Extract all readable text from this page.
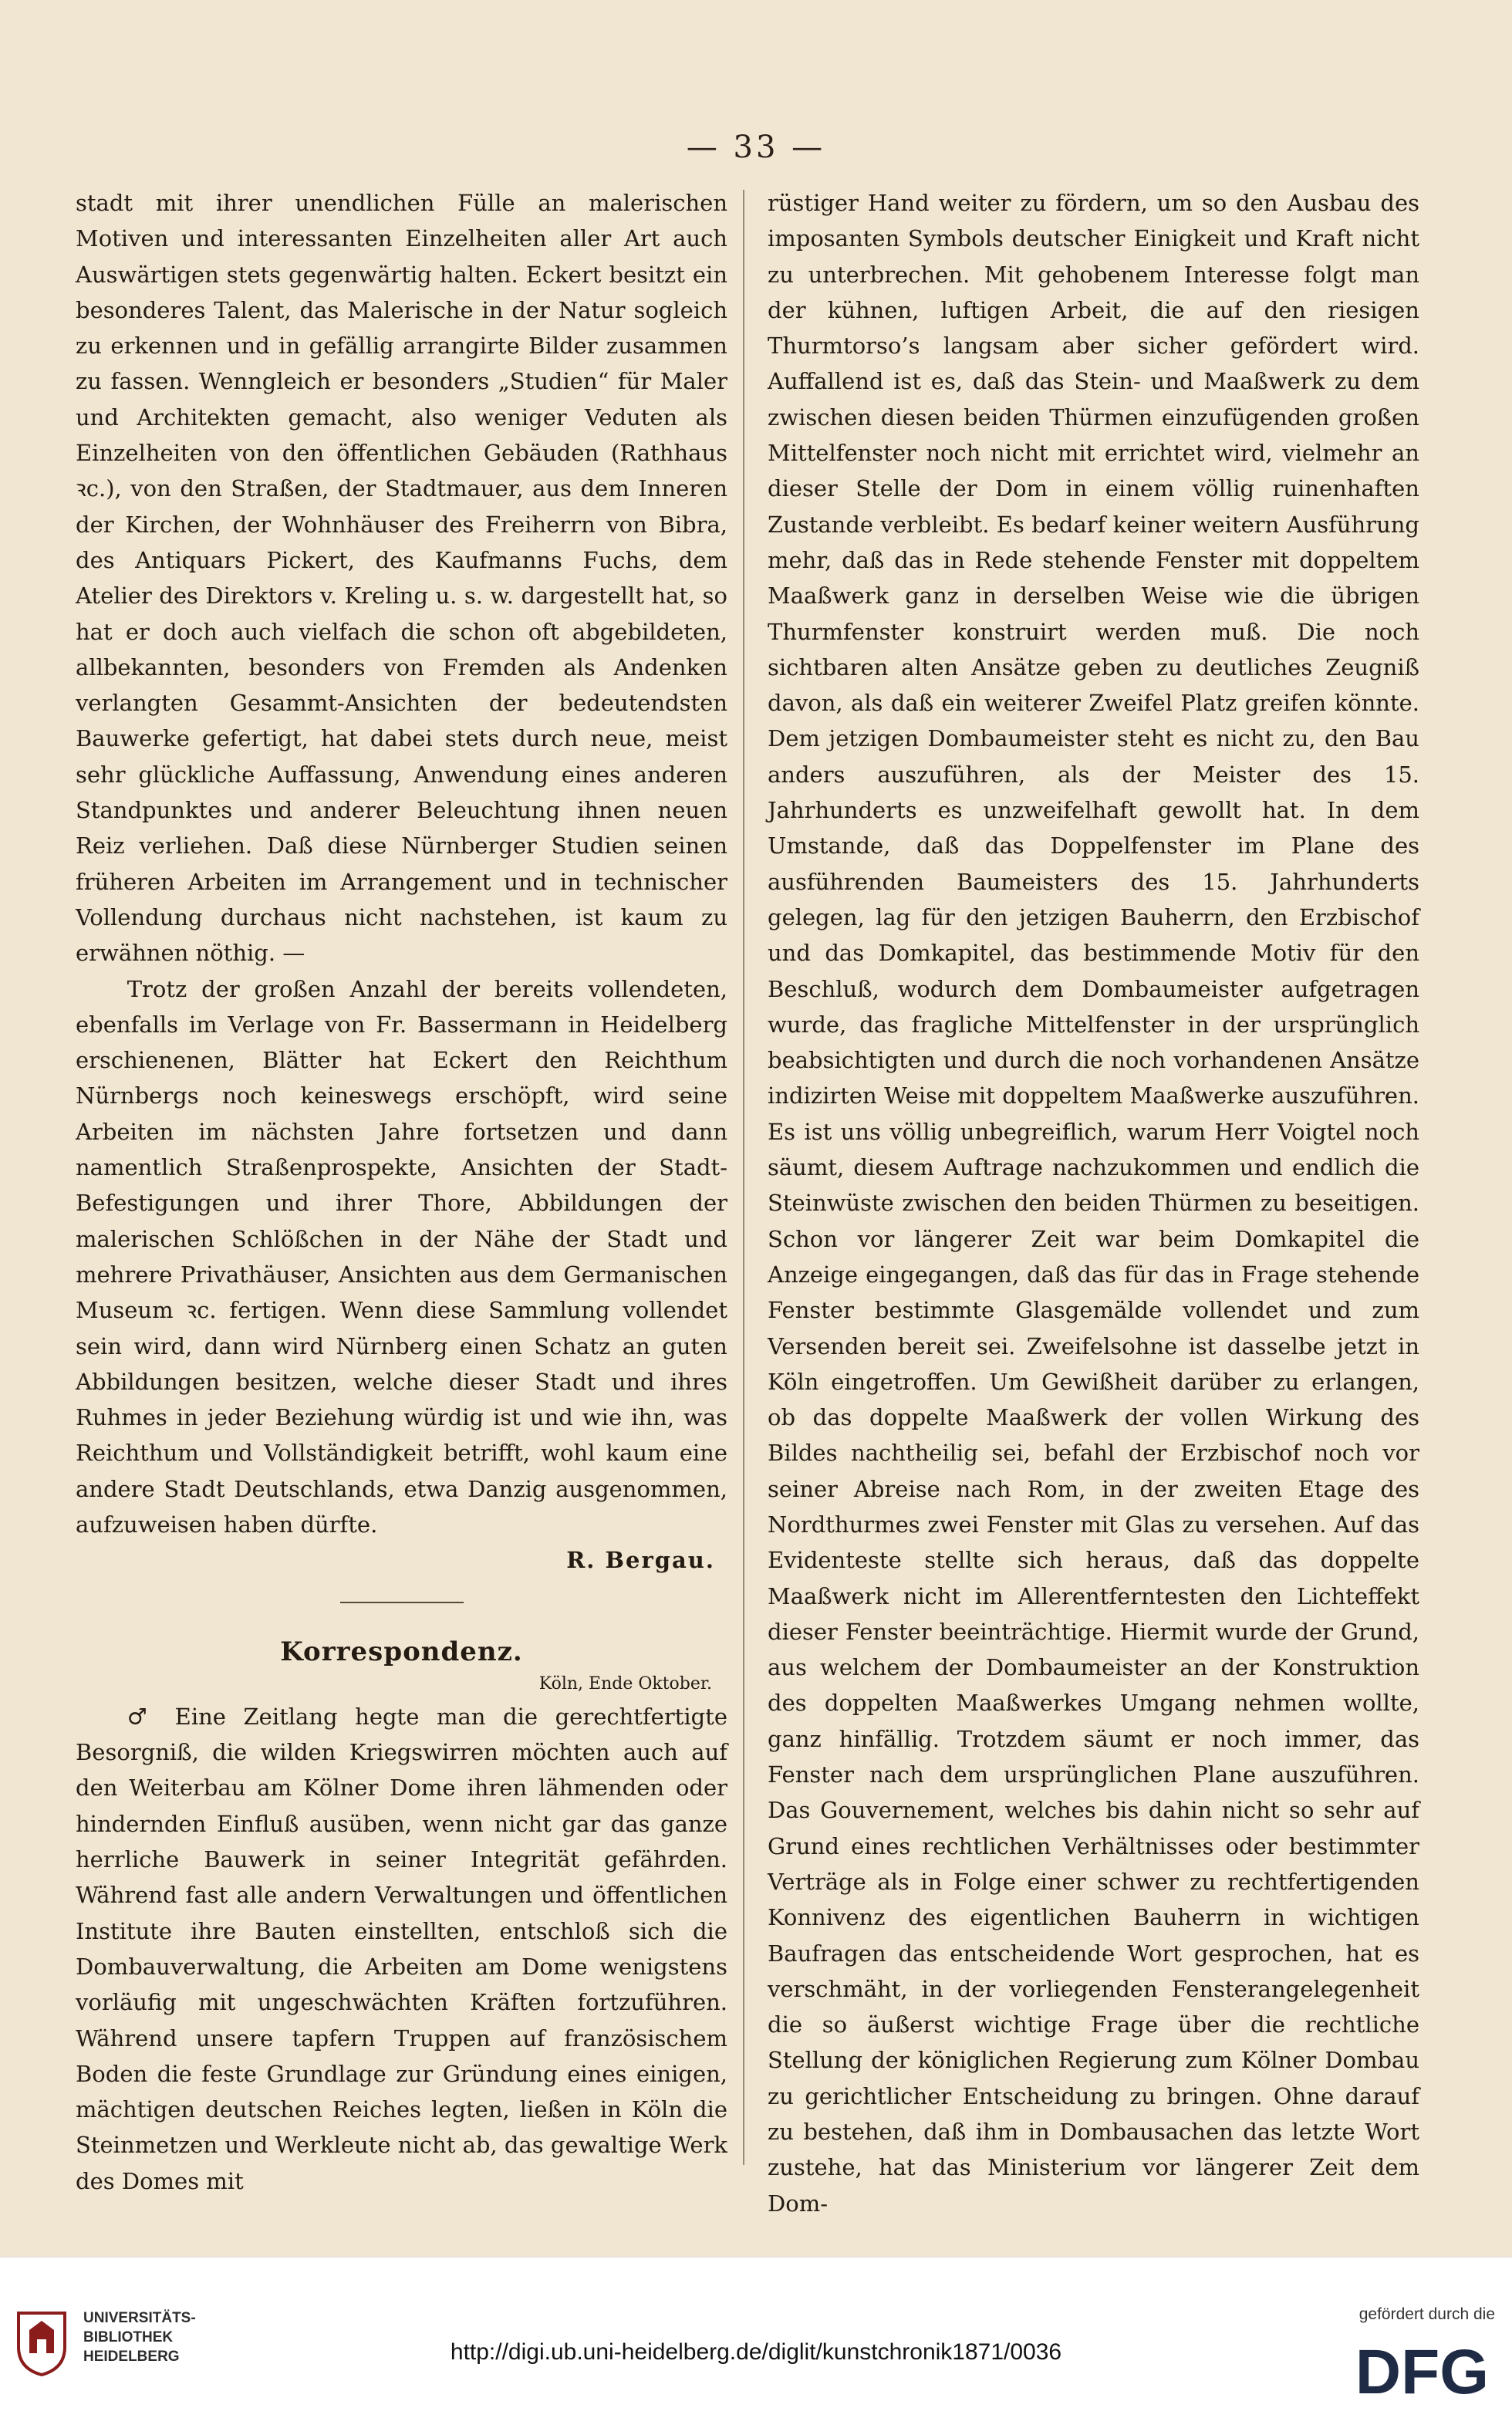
— 33 —

stadt mit ihrer unendlichen Fülle an malerischen Motiven und interessanten Einzelheiten aller Art auch Auswärtigen stets gegenwärtig halten. Eckert besitzt ein besonderes Talent, das Malerische in der Natur sogleich zu erkennen und in gefällig arrangirte Bilder zusammen zu fassen. Wenngleich er besonders „Studien“ für Maler und Architekten gemacht, also weniger Veduten als Einzelheiten von den öffentlichen Gebäuden (Rathhaus ꝛc.), von den Straßen, der Stadtmauer, aus dem Inneren der Kirchen, der Wohnhäuser des Freiherrn von Bibra, des Antiquars Pickert, des Kaufmanns Fuchs, dem Atelier des Direktors v. Kreling u. s. w. dargestellt hat, so hat er doch auch vielfach die schon oft abgebildeten, allbekannten, besonders von Fremden als Andenken verlangten Gesammt-Ansichten der bedeutendsten Bauwerke gefertigt, hat dabei stets durch neue, meist sehr glückliche Auffassung, Anwendung eines anderen Standpunktes und anderer Beleuchtung ihnen neuen Reiz verliehen. Daß diese Nürnberger Studien seinen früheren Arbeiten im Arrangement und in technischer Vollendung durchaus nicht nachstehen, ist kaum zu erwähnen nöthig. —

Trotz der großen Anzahl der bereits vollendeten, ebenfalls im Verlage von Fr. Bassermann in Heidelberg erschienenen, Blätter hat Eckert den Reichthum Nürnbergs noch keineswegs erschöpft, wird seine Arbeiten im nächsten Jahre fortsetzen und dann namentlich Straßenprospekte, Ansichten der Stadt-Befestigungen und ihrer Thore, Abbildungen der malerischen Schlößchen in der Nähe der Stadt und mehrere Privathäuser, Ansichten aus dem Germanischen Museum ꝛc. fertigen. Wenn diese Sammlung vollendet sein wird, dann wird Nürnberg einen Schatz an guten Abbildungen besitzen, welche dieser Stadt und ihres Ruhmes in jeder Beziehung würdig ist und wie ihn, was Reichthum und Vollständigkeit betrifft, wohl kaum eine andere Stadt Deutschlands, etwa Danzig ausgenommen, aufzuweisen haben dürfte.

R. Bergau.

Korrespondenz.

Köln, Ende Oktober.

♂ Eine Zeitlang hegte man die gerechtfertigte Besorgniß, die wilden Kriegswirren möchten auch auf den Weiterbau am Kölner Dome ihren lähmenden oder hindernden Einfluß ausüben, wenn nicht gar das ganze herrliche Bauwerk in seiner Integrität gefährden. Während fast alle andern Verwaltungen und öffentlichen Institute ihre Bauten einstellten, entschloß sich die Dombauverwaltung, die Arbeiten am Dome wenigstens vorläufig mit ungeschwächten Kräften fortzuführen. Während unsere tapfern Truppen auf französischem Boden die feste Grundlage zur Gründung eines einigen, mächtigen deutschen Reiches legten, ließen in Köln die Steinmetzen und Werkleute nicht ab, das gewaltige Werk des Domes mit

rüstiger Hand weiter zu fördern, um so den Ausbau des imposanten Symbols deutscher Einigkeit und Kraft nicht zu unterbrechen. Mit gehobenem Interesse folgt man der kühnen, luftigen Arbeit, die auf den riesigen Thurmtorso’s langsam aber sicher gefördert wird. Auffallend ist es, daß das Stein- und Maaßwerk zu dem zwischen diesen beiden Thürmen einzufügenden großen Mittelfenster noch nicht mit errichtet wird, vielmehr an dieser Stelle der Dom in einem völlig ruinenhaften Zustande verbleibt. Es bedarf keiner weitern Ausführung mehr, daß das in Rede stehende Fenster mit doppeltem Maaßwerk ganz in derselben Weise wie die übrigen Thurmfenster konstruirt werden muß. Die noch sichtbaren alten Ansätze geben zu deutliches Zeugniß davon, als daß ein weiterer Zweifel Platz greifen könnte. Dem jetzigen Dombaumeister steht es nicht zu, den Bau anders auszuführen, als der Meister des 15. Jahrhunderts es unzweifelhaft gewollt hat. In dem Umstande, daß das Doppelfenster im Plane des ausführenden Baumeisters des 15. Jahrhunderts gelegen, lag für den jetzigen Bauherrn, den Erzbischof und das Domkapitel, das bestimmende Motiv für den Beschluß, wodurch dem Dombaumeister aufgetragen wurde, das fragliche Mittelfenster in der ursprünglich beabsichtigten und durch die noch vorhandenen Ansätze indizirten Weise mit doppeltem Maaßwerke auszuführen. Es ist uns völlig unbegreiflich, warum Herr Voigtel noch säumt, diesem Auftrage nachzukommen und endlich die Steinwüste zwischen den beiden Thürmen zu beseitigen. Schon vor längerer Zeit war beim Domkapitel die Anzeige eingegangen, daß das für das in Frage stehende Fenster bestimmte Glasgemälde vollendet und zum Versenden bereit sei. Zweifelsohne ist dasselbe jetzt in Köln eingetroffen. Um Gewißheit darüber zu erlangen, ob das doppelte Maaßwerk der vollen Wirkung des Bildes nachtheilig sei, befahl der Erzbischof noch vor seiner Abreise nach Rom, in der zweiten Etage des Nordthurmes zwei Fenster mit Glas zu versehen. Auf das Evidenteste stellte sich heraus, daß das doppelte Maaßwerk nicht im Allerentferntesten den Lichteffekt dieser Fenster beeinträchtige. Hiermit wurde der Grund, aus welchem der Dombaumeister an der Konstruktion des doppelten Maaßwerkes Umgang nehmen wollte, ganz hinfällig. Trotzdem säumt er noch immer, das Fenster nach dem ursprünglichen Plane auszuführen. Das Gouvernement, welches bis dahin nicht so sehr auf Grund eines rechtlichen Verhältnisses oder bestimmter Verträge als in Folge einer schwer zu rechtfertigenden Konnivenz des eigentlichen Bauherrn in wichtigen Baufragen das entscheidende Wort gesprochen, hat es verschmäht, in der vorliegenden Fensterangelegenheit die so äußerst wichtige Frage über die rechtliche Stellung der königlichen Regierung zum Kölner Dombau zu gerichtlicher Entscheidung zu bringen. Ohne darauf zu bestehen, daß ihm in Dombausachen das letzte Wort zustehe, hat das Ministerium vor längerer Zeit dem Dom-

UNIVERSITÄTS-
BIBLIOTHEK
HEIDELBERG	http://digi.ub.uni-heidelberg.de/diglit/kunstchronik1871/0036
gefördert durch die
DFG
